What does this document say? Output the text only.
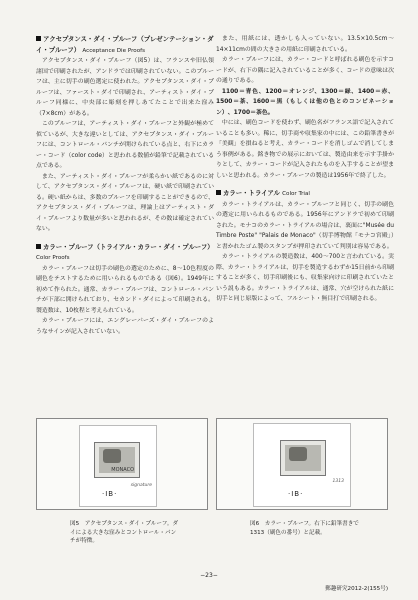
アクセプタンス・ダイ・プルーフ（プレゼンテーション・ダイ・プルーフ） Acceptance Die Proofs

アクセプタンス・ダイ・プルーフ（図5）は、フランスや旧仏領諸国で印刷されたが、アンドラでは印刷されていない。このプルーフは、主に切手の刷色選定に使われた。アクセプタンス・ダイ・プルーフは、ファースト・ダイで印刷され、アーティスト・ダイ・プルーフ同様に、中央部に彫刻を押しあてたことで出来た窪み（7×8cm）がある。

このプルーフは、アーティスト・ダイ・プルーフと外観が極めて似ているが、大きな違いとしては、アクセプタンス・ダイ・プルーフには、コントロール・パンチが開けられている点と、右下にカラー・コード（color code）と思われる数値が鉛筆で記載されている点である。

また、アーティスト・ダイ・プルーフが柔らかい紙であるのに対して、アクセプタンス・ダイ・プルーフは、硬い紙で印刷されている。硬い紙からは、多数のプルーフを印刷することができるので、アクセプタンス・ダイ・プルーフは、理論上はアーティスト・ダイ・プルーフより数量が多いと思われるが、その数は確定されていない。

カラー・プルーフ（トライアル・カラー・ダイ・プルーフ） Color Proofs

カラー・プルーフは切手の刷色の選定のために、8〜10色程度の刷色をテストするために用いられるものである（図6）。1949年に初めて作られた。通常、カラー・プルーフは、コントロール・パンチが下部に開けられており、セカンド・ダイによって印刷される。製造数は、10枚程と考えられている。

カラー・プルーフには、エングレーバーズ・ダイ・プルーフのようなサインが記入されていない。

また、用紙には、透かしも入っていない。13.5×10.5cm〜14×11cmの間の大きさの用紙に印刷されている。

カラー・プルーフには、カラー・コードと呼ばれる刷色を示すコードが、右下の隅に記入されていることが多く、コードの意味は次の通りである。

1100＝青色、1200＝オレンジ、1300＝緑、1400＝赤、1500＝茶、1600＝黒（もしくは他の色とのコンビネーション）、1700＝茶色。

中には、刷色コードを使わず、刷色名がフランス語で記入されていることも多い。稀に、切手商や収集家の中には、この鉛筆書きが「美観」を損ねると考え、カラー・コードを消しゴムで消してしまう事例がある。銘き物での展示においては、製造由来を示す手掛かりとして、カラー・コードが記入されたものを入手することが望ましいと思われる。カラー・プルーフの製造は1956年で終了した。

カラー・トライアル Color Trial

カラー・トライアルは、カラー・プルーフと同じく、切手の刷色の選定に用いられるものである。1956年にアンドラで初めて印刷された。モナコのカラー・トライアルの場合は、裏面に"Musée du Timbre Poste" "Palais de Monaco"（切手博物館「モナコ宮殿」）と書かれたゴム製のスタンプが押印されていて判別は容易である。

カラー・トライアルの製造数は、400〜700と言われている。実際、カラー・トライアルは、切手を製造するわずか15日前から印刷することが多く、切手印刷後にも、収集家向けに印刷されていたという説もある。カラー・トライアルは、通常、穴が空けられた紙に切手と同じ原版によって、フルシート・無目打で印刷される。

MONACO
signature
·IB·
1313
·IB·
図5　アクセプタンス・ダイ・プルーフ。ダイによる大きな窪みとコントロール・パンチが特徴。
図6　カラー・プルーフ。右下に鉛筆書きで1313（刷色の番号）と記載。
−23−
郵趣研究2012-2(155号)
